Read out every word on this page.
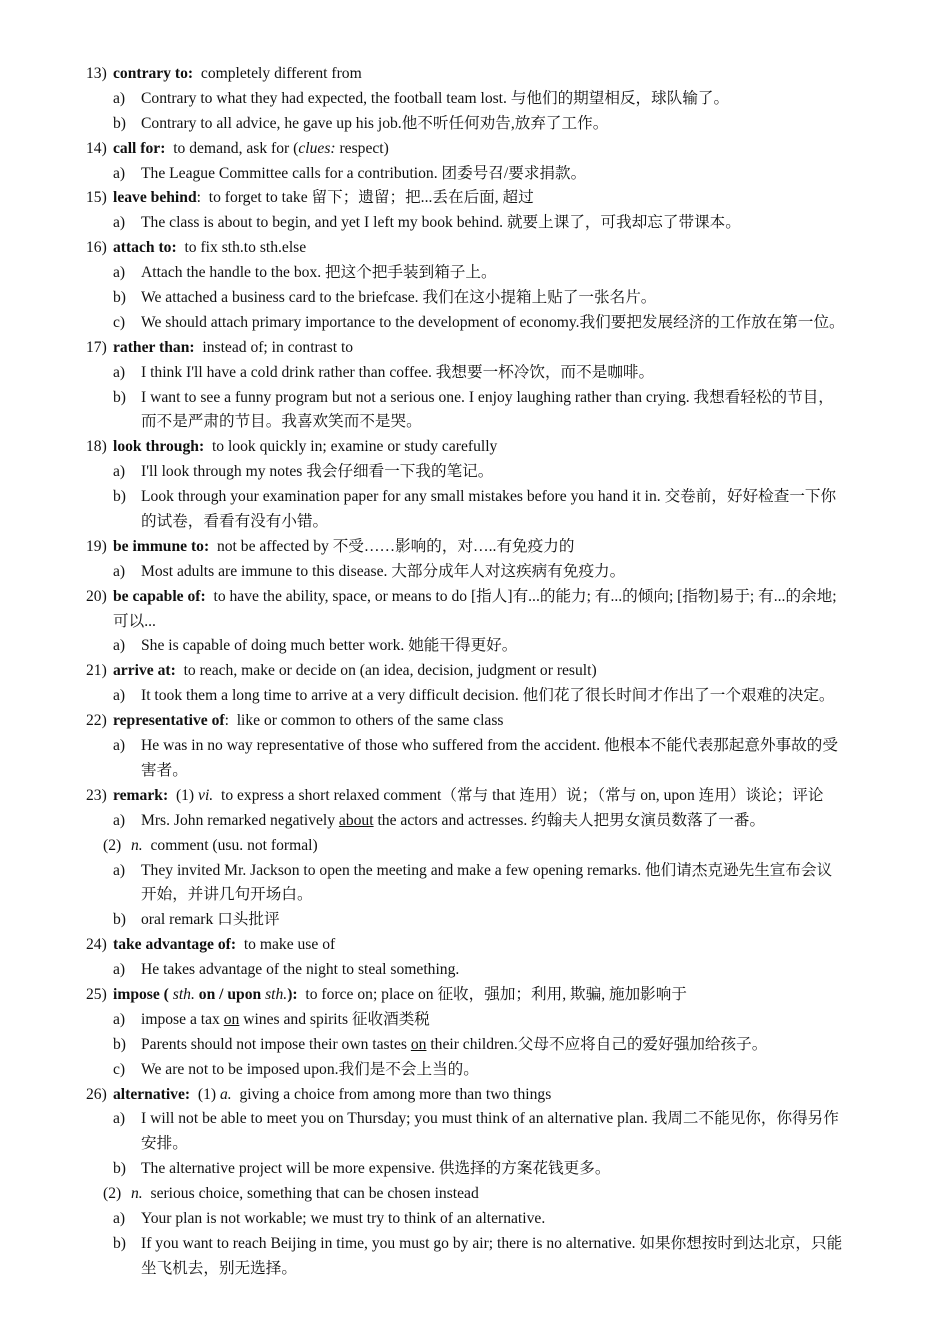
13) contrary to:  completely different from
a) Contrary to what they had expected, the football team lost. 与他们的期望相反，球队输了。
b) Contrary to all advice, he gave up his job.他不听任何劝告,放弃了工作。
14) call for:  to demand, ask for (clues: respect)
a) The League Committee calls for a contribution. 团委号召/要求捐款。
15) leave behind:  to forget to take 留下；遗留；把...丢在后面, 超过
a) The class is about to begin, and yet I left my book behind. 就要上课了，可我却忘了带课本。
16) attach to:  to fix sth.to sth.else
a) Attach the handle to the box. 把这个把手装到箱子上。
b) We attached a business card to the briefcase. 我们在这小提箱上贴了一张名片。
c) We should attach primary importance to the development of economy.我们要把发展经济的工作放在第一位。
17) rather than:  instead of; in contrast to
a) I think I'll have a cold drink rather than coffee. 我想要一杯冷饮，而不是咖啡。
b) I want to see a funny program but not a serious one. I enjoy laughing rather than crying. 我想看轻松的节目，
而不是严肃的节目。我喜欢笑而不是哭。
18) look through:  to look quickly in; examine or study carefully
a) I'll look through my notes 我会仔细看一下我的笔记。
b) Look through your examination paper for any small mistakes before you hand it in. 交卷前，好好检查一下你
的试卷，看看有没有小错。
19) be immune to:  not be affected by 不受……影响的，对…..有免疫力的
a) Most adults are immune to this disease. 大部分成年人对这疾病有免疫力。
20) be capable of:  to have the ability, space, or means to do [指人]有...的能力; 有...的倾向; [指物]易于; 有...的余地;
可以...
a) She is capable of doing much better work. 她能干得更好。
21) arrive at:  to reach, make or decide on (an idea, decision, judgment or result)
a) It took them a long time to arrive at a very difficult decision. 他们花了很长时间才作出了一个艰难的决定。
22) representative of:  like or common to others of the same class
a) He was in no way representative of those who suffered from the accident. 他根本不能代表那起意外事故的受
害者。
23) remark:  (1) vi.  to express a short relaxed comment（常与 that 连用）说；（常与 on, upon 连用）谈论；评论
a) Mrs. John remarked negatively about the actors and actresses. 约翰夫人把男女演员数落了一番。
(2) n.  comment (usu. not formal)
a) They invited Mr. Jackson to open the meeting and make a few opening remarks. 他们请杰克逊先生宣布会议
开始，并讲几句开场白。
b) oral remark 口头批评
24) take advantage of:  to make use of
a) He takes advantage of the night to steal something.
25) impose ( sth. on / upon sth.):  to force on; place on 征收，强加；利用, 欺骗, 施加影响于
a) impose a tax on wines and spirits 征收酒类税
b) Parents should not impose their own tastes on their children.父母不应将自己的爱好强加给孩子。
c) We are not to be imposed upon.我们是不会上当的。
26) alternative:  (1) a.  giving a choice from among more than two things
a) I will not be able to meet you on Thursday; you must think of an alternative plan. 我周二不能见你，你得另作
安排。
b) The alternative project will be more expensive. 供选择的方案花钱更多。
(2) n.  serious choice, something that can be chosen instead
a) Your plan is not workable; we must try to think of an alternative.
b) If you want to reach Beijing in time, you must go by air; there is no alternative. 如果你想按时到达北京，只能
坐飞机去，别无选择。
